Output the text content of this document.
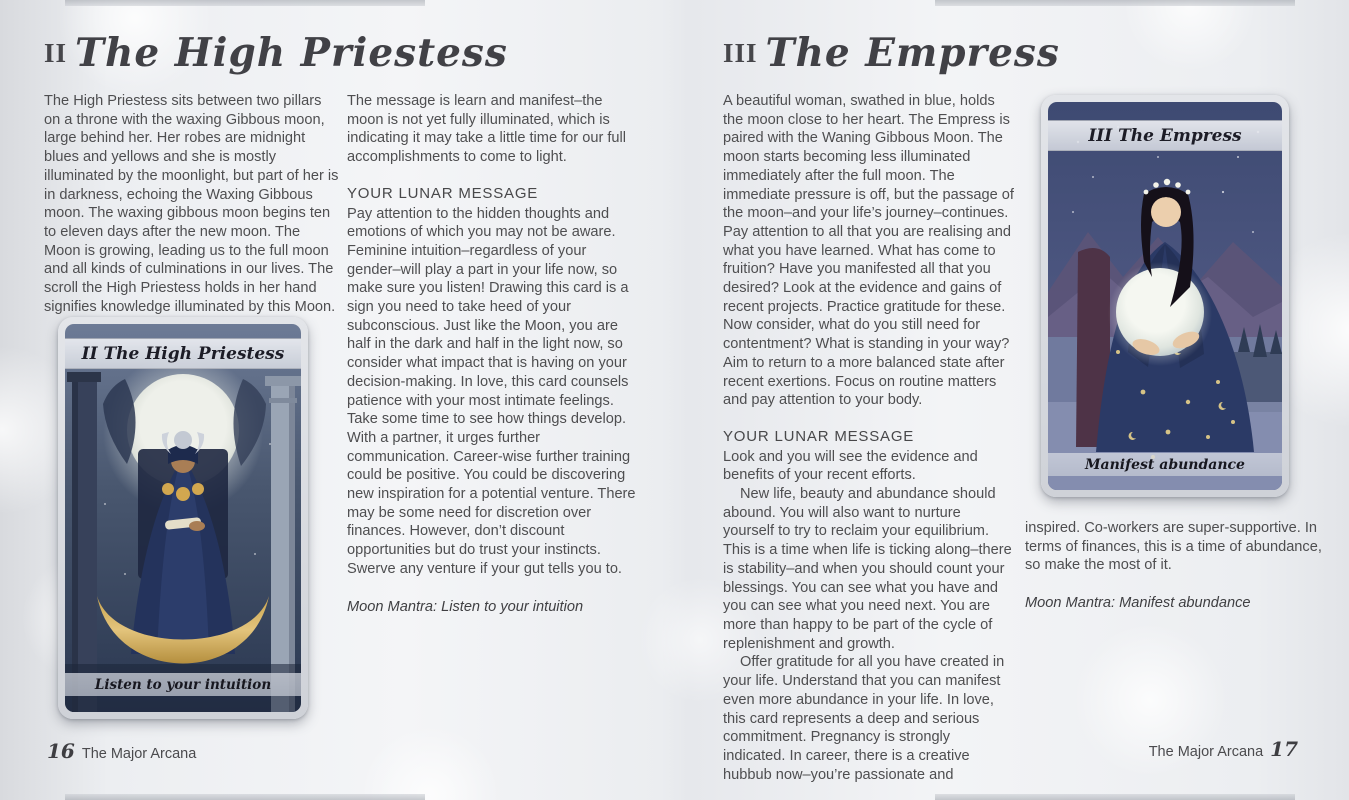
II The High Priestess

The High Priestess sits between two pillars on a throne with the waxing Gibbous moon, large behind her. Her robes are midnight blues and yellows and she is mostly illuminated by the moonlight, but part of her is in darkness, echoing the Waxing Gibbous moon. The waxing gibbous moon begins ten to eleven days after the new moon. The Moon is growing, leading us to the full moon and all kinds of culminations in our lives. The scroll the High Priestess holds in her hand signifies knowledge illuminated by this Moon.

The message is learn and manifest–the moon is not yet fully illuminated, which is indicating it may take a little time for our full accomplishments to come to light.

YOUR LUNAR MESSAGE

Pay attention to the hidden thoughts and emotions of which you may not be aware. Feminine intuition–regardless of your gender–will play a part in your life now, so make sure you listen! Drawing this card is a sign you need to take heed of your subconscious. Just like the Moon, you are half in the dark and half in the light now, so consider what impact that is having on your decision-making. In love, this card counsels patience with your most intimate feelings. Take some time to see how things develop. With a partner, it urges further communication. Career-wise further training could be positive. You could be discovering new inspiration for a potential venture. There may be some need for discretion over finances. However, don’t discount opportunities but do trust your instincts. Swerve any venture if your gut tells you to.

Moon Mantra: Listen to your intuition

II The High Priestess
Listen to your intuition
16 The Major Arcana
III The Empress

A beautiful woman, swathed in blue, holds the moon close to her heart. The Empress is paired with the Waning Gibbous Moon. The moon starts becoming less illuminated immediately after the full moon. The immediate pressure is off, but the passage of the moon–and your life’s journey–continues. Pay attention to all that you are realising and what you have learned. What has come to fruition? Have you manifested all that you desired? Look at the evidence and gains of recent projects. Practice gratitude for these. Now consider, what do you still need for contentment? What is standing in your way? Aim to return to a more balanced state after recent exertions. Focus on routine matters and pay attention to your body.

YOUR LUNAR MESSAGE

Look and you will see the evidence and benefits of your recent efforts.

New life, beauty and abundance should abound. You will also want to nurture yourself to try to reclaim your equilibrium. This is a time when life is ticking along–there is stability–and when you should count your blessings. You can see what you have and you can see what you need next. You are more than happy to be part of the cycle of replenishment and growth.

Offer gratitude for all you have created in your life. Understand that you can manifest even more abundance in your life. In love, this card represents a deep and serious commitment. Pregnancy is strongly indicated. In career, there is a creative hubbub now–you’re passionate and

inspired. Co-workers are super-supportive. In terms of finances, this is a time of abundance, so make the most of it.

Moon Mantra: Manifest abundance

III The Empress
Manifest abundance
The Major Arcana 17
